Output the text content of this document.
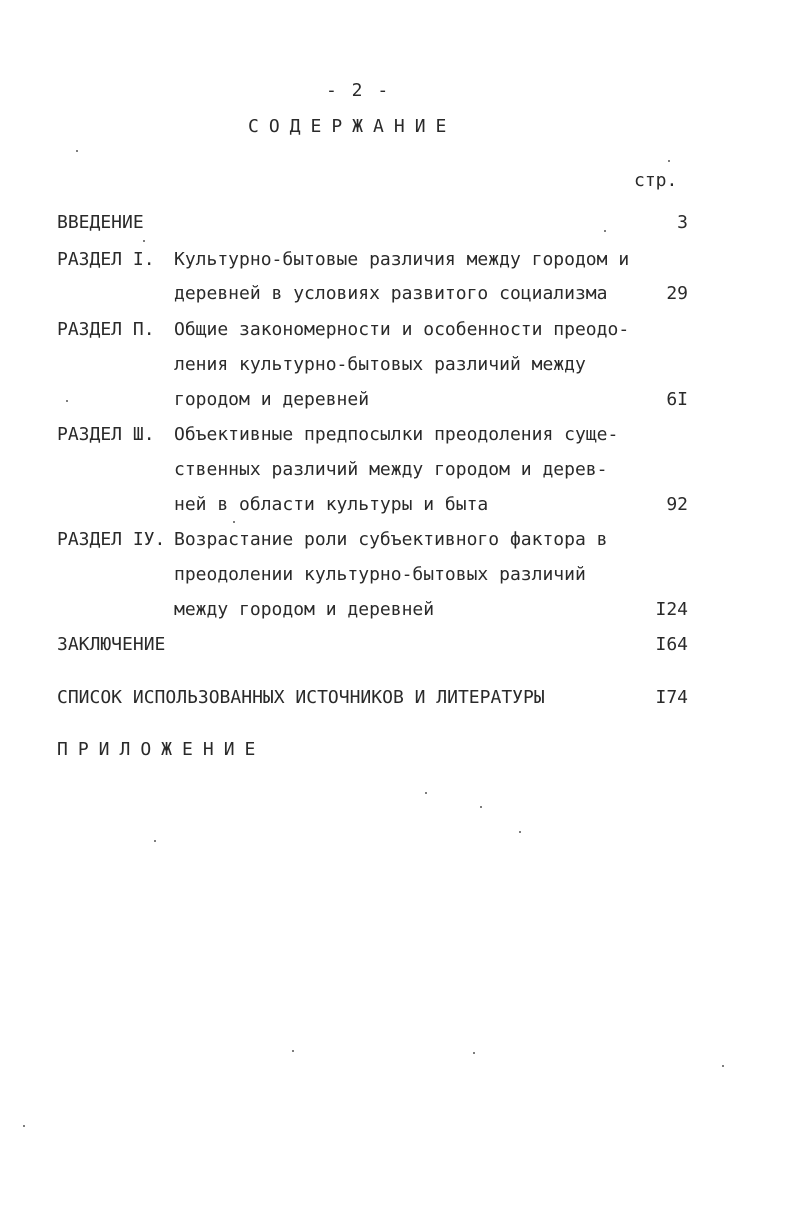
- 2 -
СОДЕРЖАНИЕ
стр.
ВВЕДЕНИЕ	3
РАЗДЕЛ I. Культурно-бытовые различия между городом и
деревней в условиях развитого социализма	29
РАЗДЕЛ П. Общие закономерности и особенности преодо-
ления культурно-бытовых различий между
городом и деревней	6I
РАЗДЕЛ Ш. Объективные предпосылки преодоления суще-
ственных различий между городом и дерев-
ней в области культуры и быта	92
РАЗДЕЛ IУ. Возрастание роли субъективного фактора в
преодолении культурно-бытовых различий
между городом и деревней	I24
ЗАКЛЮЧЕНИЕ	I64
СПИСОК ИСПОЛЬЗОВАННЫХ ИСТОЧНИКОВ И ЛИТЕРАТУРЫ	I74
ПРИЛОЖЕНИЕ
